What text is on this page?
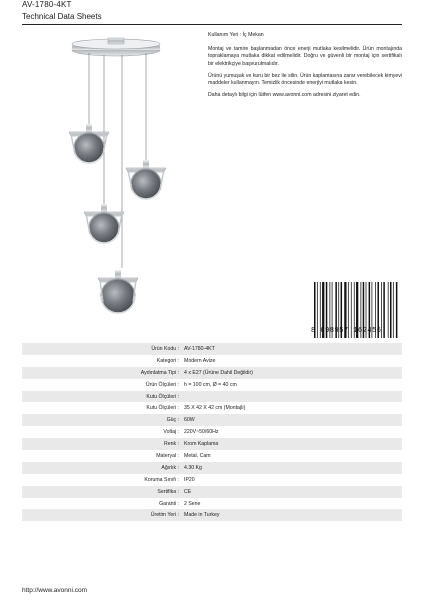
AV-1780-4KT
Technical Data Sheets

Kullanım Yeri : İç Mekan

Montaj ve tamire başlanmadan önce enerji mutlaka kesilmelidir. Ürün montajında topraklamaya mutlaka dikkat edilmelidir. Doğru ve güvenli bir montaj için sertifikalı bir elektrikçiye başvurulmalıdır.

Ürünü yumuşak ve kuru bir bez ile silin. Ürün kaplamasına zarar verebilecek kimyevi maddeler kullanmayın. Temizlik öncesinde enerjiyi mutlaka kesin.

Daha detaylı bilgi için lütfen www.avonni.com adresini ziyaret edin.

8 698957 162456
Ürün Kodu : AV-1780-4KT
Kategori : Modern Avize
Aydınlatma Tipi : 4 x E27 (Ürüne Dahil Değildir)
Ürün Ölçüleri : h = 100 cm, Ø = 40 cm
Kutu Ölçüleri :
Kutu Ölçüleri : 35 X 42 X 42 cm (Montajlı)
Güç : 60W
Voltaj : 220V~50/60Hz
Renk : Krom Kaplama
Materyal : Metal, Cam
Ağırlık : 4.30 Kg
Koruma Sınıfı : IP20
Sertifika : CE
Garanti : 2 Sene
Üretim Yeri : Made in Turkey
http://www.avonni.com
